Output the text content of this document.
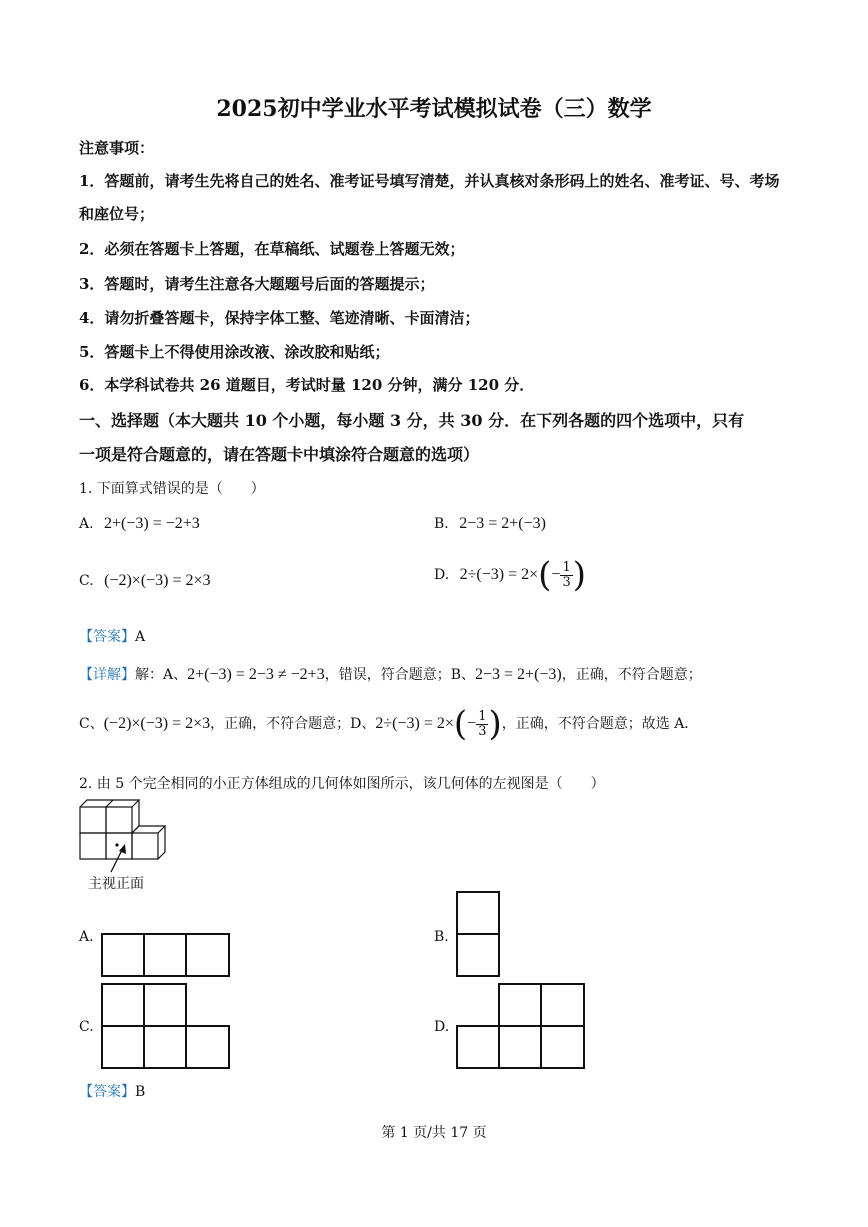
2025初中学业水平考试模拟试卷（三）数学
注意事项：
1．答题前，请考生先将自己的姓名、准考证号填写清楚，并认真核对条形码上的姓名、准考证、号、考场
和座位号；
2．必须在答题卡上答题，在草稿纸、试题卷上答题无效；
3．答题时，请考生注意各大题题号后面的答题提示；
4．请勿折叠答题卡，保持字体工整、笔迹清晰、卡面清洁；
5．答题卡上不得使用涂改液、涂改胶和贴纸；
6．本学科试卷共 26 道题目，考试时量 120 分钟，满分 120 分．
一、选择题（本大题共 10 个小题，每小题 3 分，共 30 分．在下列各题的四个选项中，只有
一项是符合题意的，请在答题卡中填涂符合题意的选项）
1. 下面算式错误的是（　　）
A. 2+(−3) = −2+3	B. 2−3 = 2+(−3)
C. (−2)×(−3) = 2×3	D. $2\div(-3) = 2\times(- \frac{1}{3}$ )
【答案】A
【详解】解：A、2+(−3) = 2−3 ≠ −2+3，错误，符合题意；B、2−3 = 2+(−3)，正确，不符合题意；
C、(−2)×(−3) = 2×3，正确，不符合题意；D、$2\div(-3) = 2\times(- \frac{1}{3}$ )，正确，不符合题意；故选 A．
2. 由 5 个完全相同的小正方体组成的几何体如图所示，该几何体的左视图是（　　）
主视正面
A.	B.
C.	D.
【答案】B
第 1 页/共 17 页
